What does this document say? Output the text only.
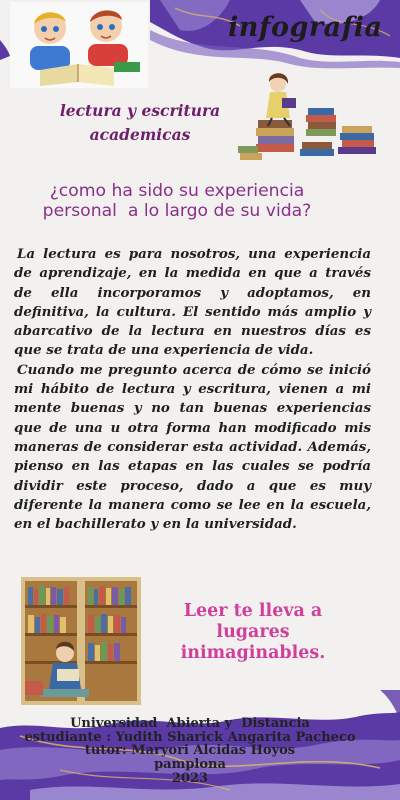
infografia
lectura y escritura
academicas
¿como ha sido su experiencia
personal  a lo largo de su vida?

La lectura es para nosotros, una experiencia de aprendizaje, en la medida en que a través de ella incorporamos y adoptamos, en definitiva, la cultura. El sentido más amplio y abarcativo de la lectura en nuestros días es que se trata de una experiencia de vida.

Cuando me pregunto acerca de cómo se inició mi hábito de lectura y escritura, vienen a mi mente buenas y no tan buenas experiencias que de una u otra forma han modificado mis maneras de considerar esta actividad. Además, pienso en las etapas en las cuales se podría dividir este proceso, dado a que es muy diferente la manera como se lee en la escuela, en el bachillerato y en la universidad.

Leer te lleva a lugares
inimaginables.
Universidad  Abierta y  Distancia
estudiante : Yudith Sharick Angarita Pacheco
tutor: Maryori Alcidas Hoyos
pamplona
2023
